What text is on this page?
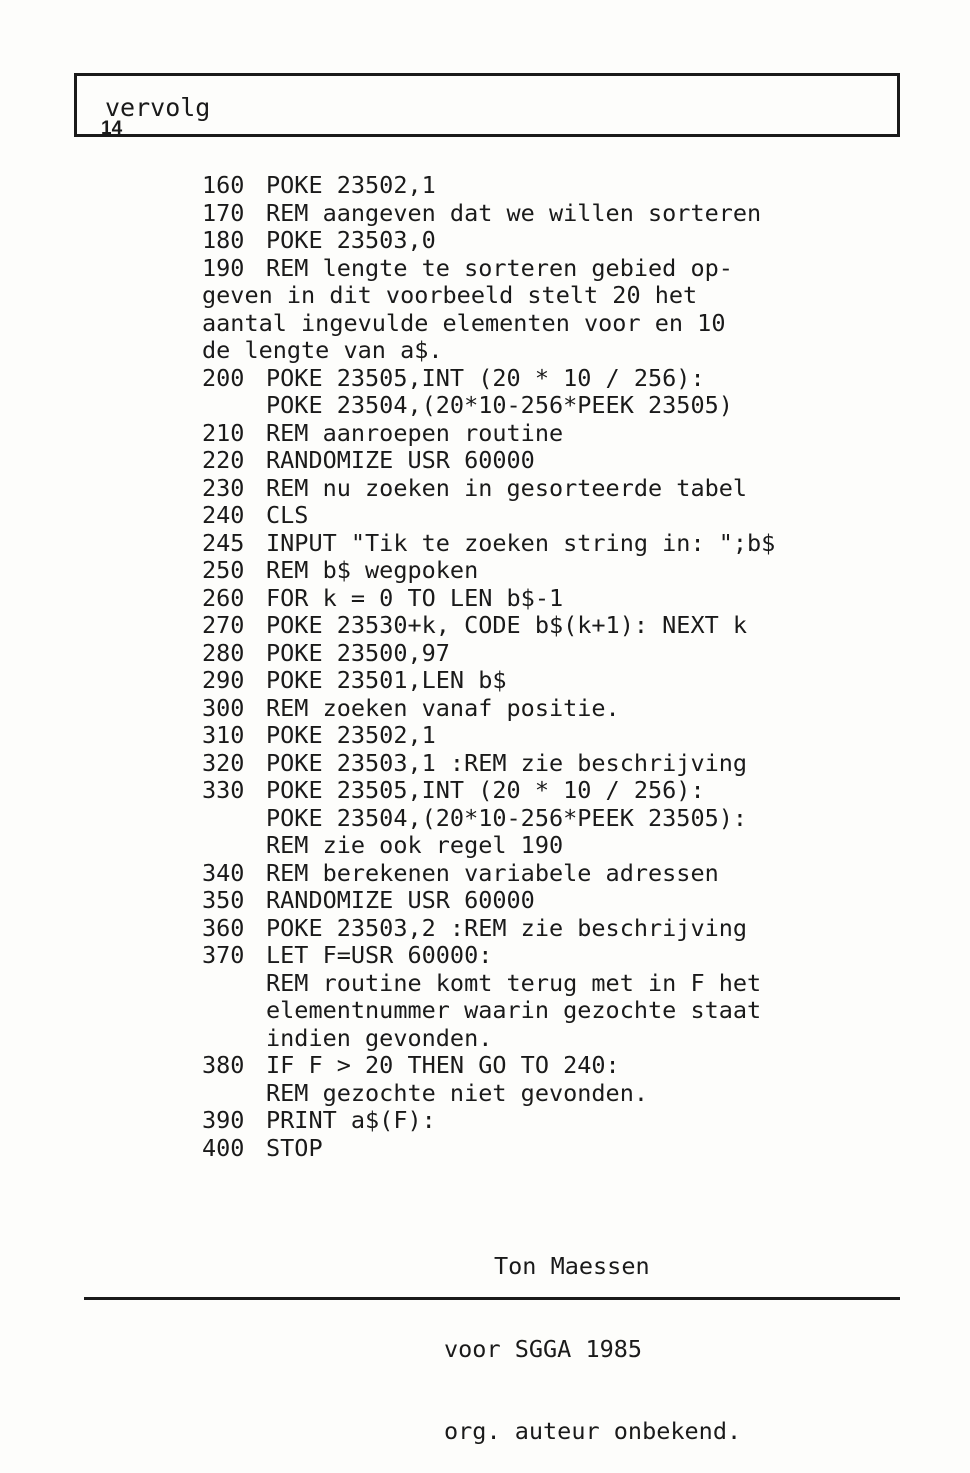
vervolg
14
160 POKE 23502,1
170 REM aangeven dat we willen sorteren
180 POKE 23503,0
190 REM lengte te sorteren gebied op-
geven in dit voorbeeld stelt 20 het
aantal ingevulde elementen voor en 10
de lengte van a$.
200 POKE 23505,INT (20 * 10 / 256):
POKE 23504,(20*10-256*PEEK 23505)
210 REM aanroepen routine
220 RANDOMIZE USR 60000
230 REM nu zoeken in gesorteerde tabel
240 CLS
245 INPUT "Tik te zoeken string in: ";b$
250 REM b$ wegpoken
260 FOR k = 0 TO LEN b$-1
270 POKE 23530+k, CODE b$(k+1): NEXT k
280 POKE 23500,97
290 POKE 23501,LEN b$
300 REM zoeken vanaf positie.
310 POKE 23502,1
320 POKE 23503,1 :REM zie beschrijving
330 POKE 23505,INT (20 * 10 / 256):
POKE 23504,(20*10-256*PEEK 23505):
REM zie ook regel 190
340 REM berekenen variabele adressen
350 RANDOMIZE USR 60000
360 POKE 23503,2 :REM zie beschrijving
370 LET F=USR 60000:
REM routine komt terug met in F het
elementnummer waarin gezochte staat
indien gevonden.
380 IF F > 20 THEN GO TO 240:
REM gezochte niet gevonden.
390 PRINT a$(F):
400 STOP

Ton Maessen

voor SGGA 1985

org. auteur onbekend.
